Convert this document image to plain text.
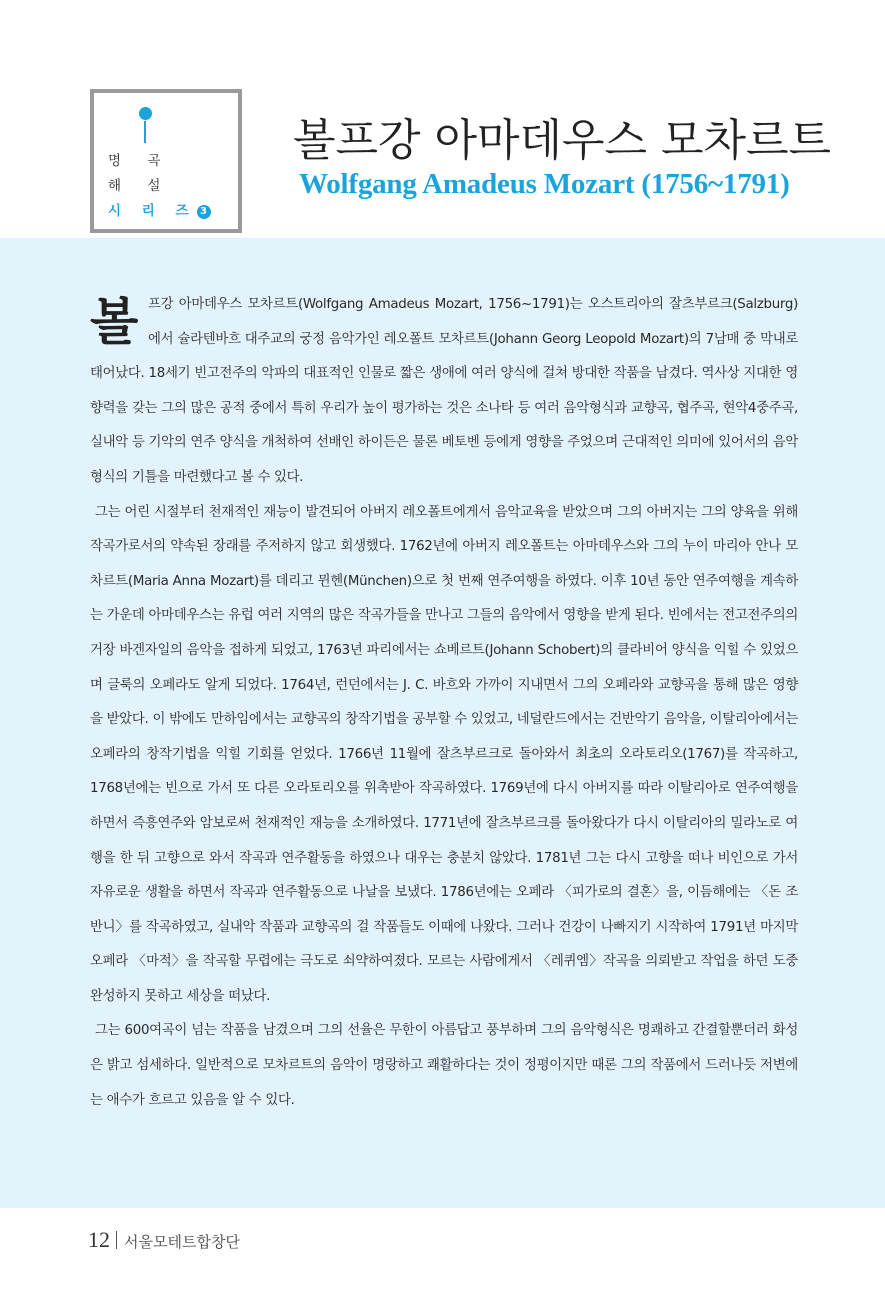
명 곡
해 설
시 리 즈 3
볼프강 아마데우스 모차르트
Wolfgang Amadeus Mozart (1756~1791)

볼프강 아마데우스 모차르트(Wolfgang Amadeus Mozart, 1756~1791)는 오스트리아의 잘츠부르크(Salzburg)에서 슐라텐바흐 대주교의 궁정 음악가인 레오폴트 모차르트(Johann Georg Leopold Mozart)의 7남매 중 막내로 태어났다. 18세기 빈고전주의 악파의 대표적인 인물로 짧은 생애에 여러 양식에 걸쳐 방대한 작품을 남겼다. 역사상 지대한 영향력을 갖는 그의 많은 공적 중에서 특히 우리가 높이 평가하는 것은 소나타 등 여러 음악형식과 교향곡, 협주곡, 현악4중주곡, 실내악 등 기악의 연주 양식을 개척하여 선배인 하이든은 물론 베토벤 등에게 영향을 주었으며 근대적인 의미에 있어서의 음악형식의 기틀을 마련했다고 볼 수 있다.

그는 어린 시절부터 천재적인 재능이 발견되어 아버지 레오폴트에게서 음악교육을 받았으며 그의 아버지는 그의 양육을 위해 작곡가로서의 약속된 장래를 주저하지 않고 회생했다. 1762년에 아버지 레오폴트는 아마데우스와 그의 누이 마리아 안나 모차르트(Maria Anna Mozart)를 데리고 뮌헨(München)으로 첫 번째 연주여행을 하였다. 이후 10년 동안 연주여행을 계속하는 가운데 아마데우스는 유럽 여러 지역의 많은 작곡가들을 만나고 그들의 음악에서 영향을 받게 된다. 빈에서는 전고전주의의 거장 바겐자일의 음악을 접하게 되었고, 1763년 파리에서는 쇼베르트(Johann Schobert)의 클라비어 양식을 익힐 수 있었으며 글룩의 오페라도 알게 되었다. 1764년, 런던에서는 J. C. 바흐와 가까이 지내면서 그의 오페라와 교향곡을 통해 많은 영향을 받았다. 이 밖에도 만하임에서는 교향곡의 창작기법을 공부할 수 있었고, 네덜란드에서는 건반악기 음악을, 이탈리아에서는 오페라의 창작기법을 익힐 기회를 얻었다. 1766년 11월에 잘츠부르크로 돌아와서 최초의 오라토리오(1767)를 작곡하고, 1768년에는 빈으로 가서 또 다른 오라토리오를 위촉받아 작곡하였다. 1769년에 다시 아버지를 따라 이탈리아로 연주여행을 하면서 즉흥연주와 암보로써 천재적인 재능을 소개하였다. 1771년에 잘츠부르크를 돌아왔다가 다시 이탈리아의 밀라노로 여행을 한 뒤 고향으로 와서 작곡과 연주활동을 하였으나 대우는 충분치 않았다. 1781년 그는 다시 고향을 떠나 비인으로 가서 자유로운 생활을 하면서 작곡과 연주활동으로 나날을 보냈다. 1786년에는 오페라 〈피가로의 결혼〉을, 이듬해에는 〈돈 조반니〉를 작곡하였고, 실내악 작품과 교향곡의 걸 작품들도 이때에 나왔다. 그러나 건강이 나빠지기 시작하여 1791년 마지막 오페라 〈마적〉을 작곡할 무렵에는 극도로 쇠약하여졌다. 모르는 사람에게서 〈레퀴엠〉작곡을 의뢰받고 작업을 하던 도중 완성하지 못하고 세상을 떠났다.

그는 600여곡이 넘는 작품을 남겼으며 그의 선율은 무한이 아름답고 풍부하며 그의 음악형식은 명쾌하고 간결할뿐더러 화성은 밝고 섬세하다. 일반적으로 모차르트의 음악이 명랑하고 쾌활하다는 것이 정평이지만 때론 그의 작품에서 드러나듯 저변에는 애수가 흐르고 있음을 알 수 있다.

12 서울모테트합창단
